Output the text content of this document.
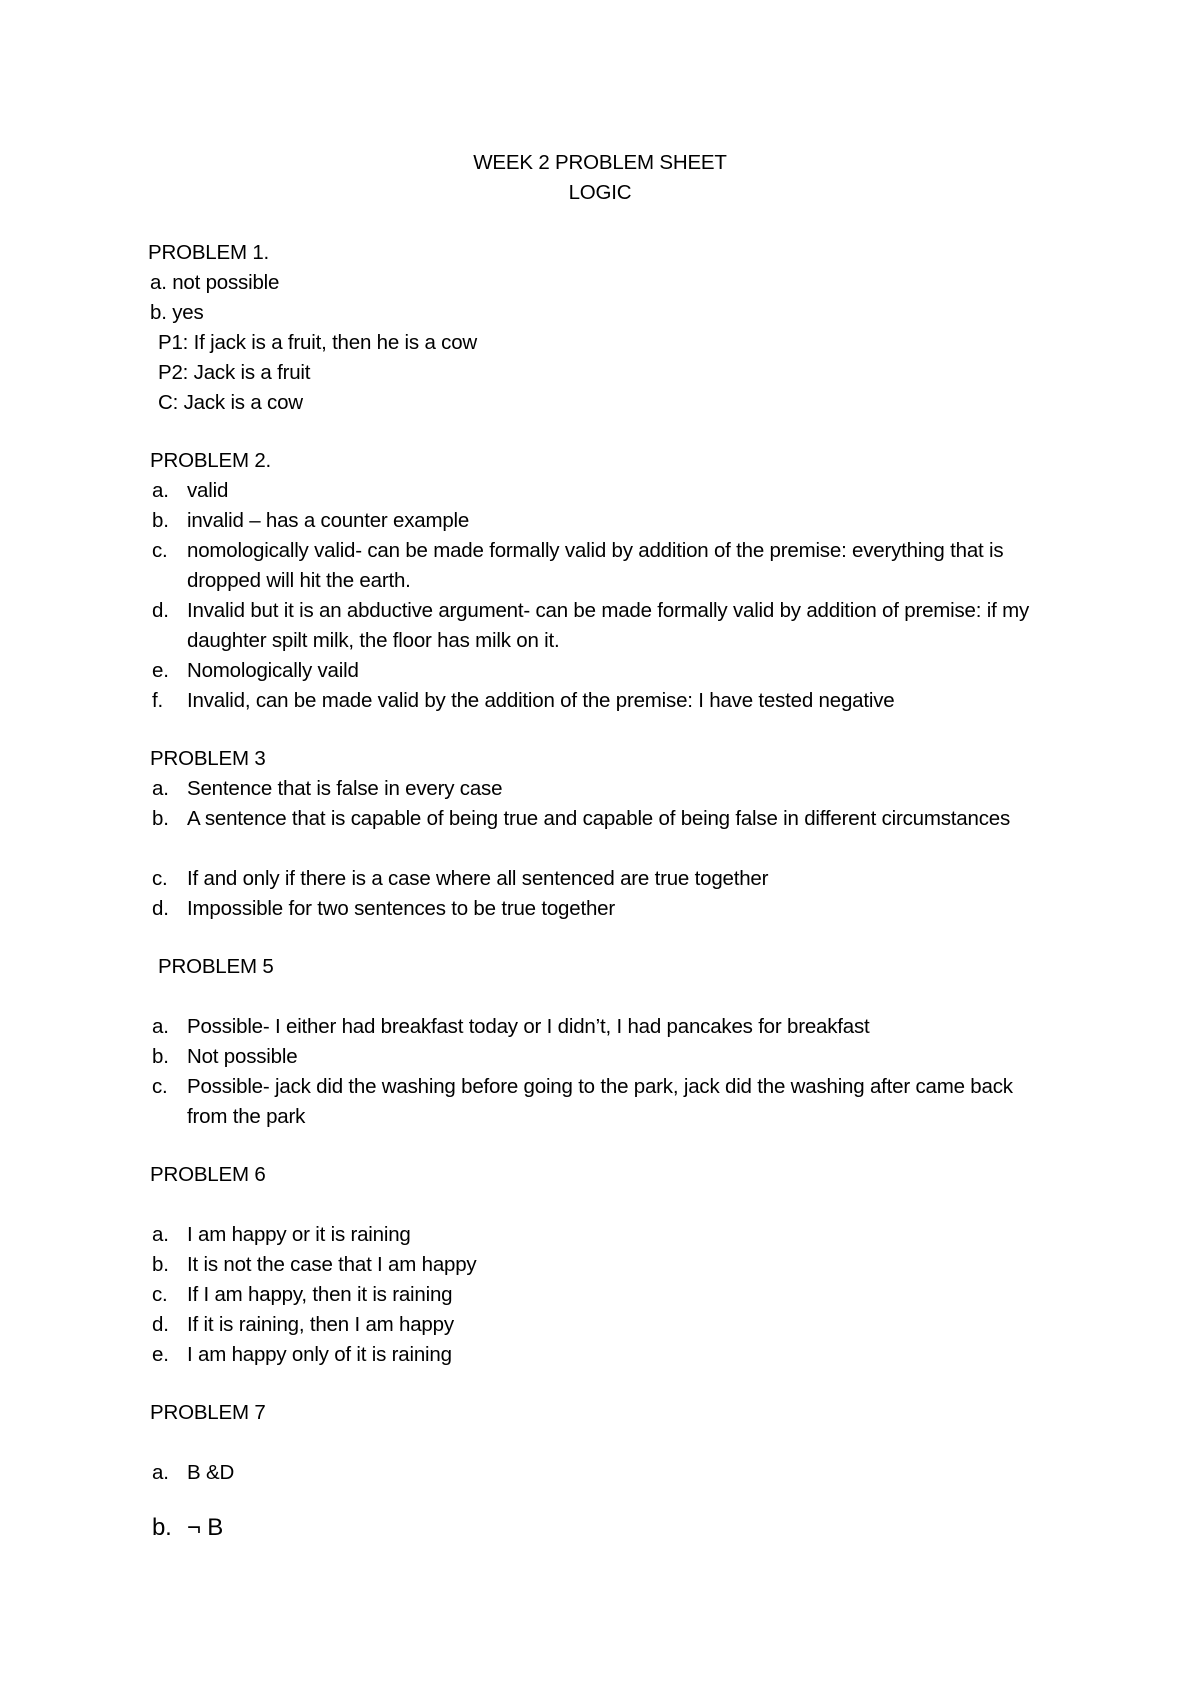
WEEK 2 PROBLEM SHEET
LOGIC
PROBLEM 1.
a. not possible
b. yes
P1: If jack is a fruit, then he is a cow
P2: Jack is a fruit
C: Jack is a cow
PROBLEM 2.
a. valid
b. invalid – has a counter example
c. nomologically valid- can be made formally valid by addition of the premise: everything that is dropped will hit the earth.
d. Invalid but it is an abductive argument- can be made formally valid by addition of premise: if my daughter spilt milk, the floor has milk on it.
e. Nomologically vaild
f. Invalid, can be made valid by the addition of the premise: I have tested negative
PROBLEM 3
a. Sentence that is false in every case
b. A sentence that is capable of being true and capable of being false in different circumstances
c. If and only if there is a case where all sentenced are true together
d. Impossible for two sentences to be true together
PROBLEM 5
a. Possible- I either had breakfast today or I didn’t, I had pancakes for breakfast
b. Not possible
c. Possible- jack did the washing before going to the park, jack did the washing after came back from the park
PROBLEM 6
a. I am happy or it is raining
b. It is not the case that I am happy
c. If I am happy, then it is raining
d. If it is raining, then I am happy
e. I am happy only of it is raining
PROBLEM 7
a. B &D
b. ¬ B
